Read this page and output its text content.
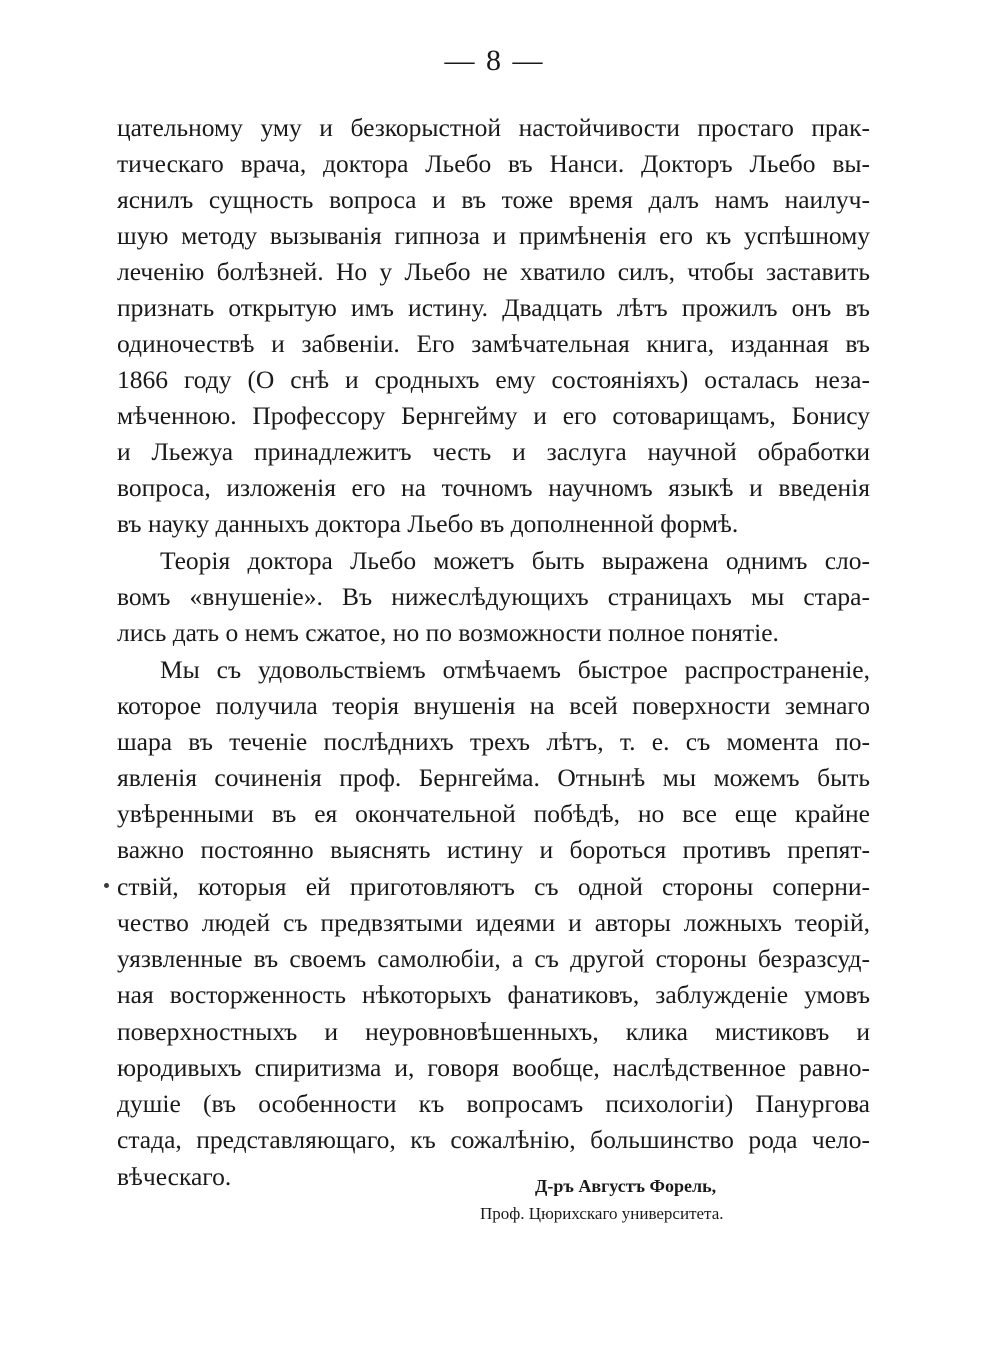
— 8 —
цательному уму и безкорыстной настойчивости простаго прак-
тическаго врача, доктора Льебо въ Нанси. Докторъ Льебо вы-
яснилъ сущность вопроса и въ тоже время далъ намъ наилуч-
шую методу вызыванія гипноза и примѣненія его къ успѣшному
леченію болѣзней. Но у Льебо не хватило силъ, чтобы заставить
признать открытую имъ истину. Двадцать лѣтъ прожилъ онъ въ
одиночествѣ и забвеніи. Его замѣчательная книга, изданная въ
1866 году (О снѣ и сродныхъ ему состояніяхъ) осталась неза-
мѣченною. Профессору Бернгейму и его сотоварищамъ, Бонису
и Льежуа принадлежитъ честь и заслуга научной обработки
вопроса, изложенія его на точномъ научномъ языкѣ и введенія
въ науку данныхъ доктора Льебо въ дополненной формѣ.
Теорія доктора Льебо можетъ быть выражена однимъ сло-
вомъ «внушеніе». Въ нижеслѣдующихъ страницахъ мы стара-
лись дать о немъ сжатое, но по возможности полное понятіе.
Мы съ удовольствіемъ отмѣчаемъ быстрое распространеніе,
которое получила теорія внушенія на всей поверхности земнаго
шара въ теченіе послѣднихъ трехъ лѣтъ, т. е. съ момента по-
явленія сочиненія проф. Бернгейма. Отнынѣ мы можемъ быть
увѣренными въ ея окончательной побѣдѣ, но все еще крайне
важно постоянно выяснять истину и бороться противъ препят-
ствій, которыя ей приготовляютъ съ одной стороны соперни-
чество людей съ предвзятыми идеями и авторы ложныхъ теорій,
уязвленные въ своемъ самолюбіи, а съ другой стороны безразсуд-
ная восторженность нѣкоторыхъ фанатиковъ, заблужденіе умовъ
поверхностныхъ и неуровновѣшенныхъ, клика мистиковъ и
юродивыхъ спиритизма и, говоря вообще, наслѣдственное равно-
душіе (въ особенности къ вопросамъ психологіи) Панургова
стада, представляющаго, къ сожалѣнію, большинство рода чело-
вѣческаго.	Д-ръ Августъ Форель,
Проф. Цюрихскаго университета.
